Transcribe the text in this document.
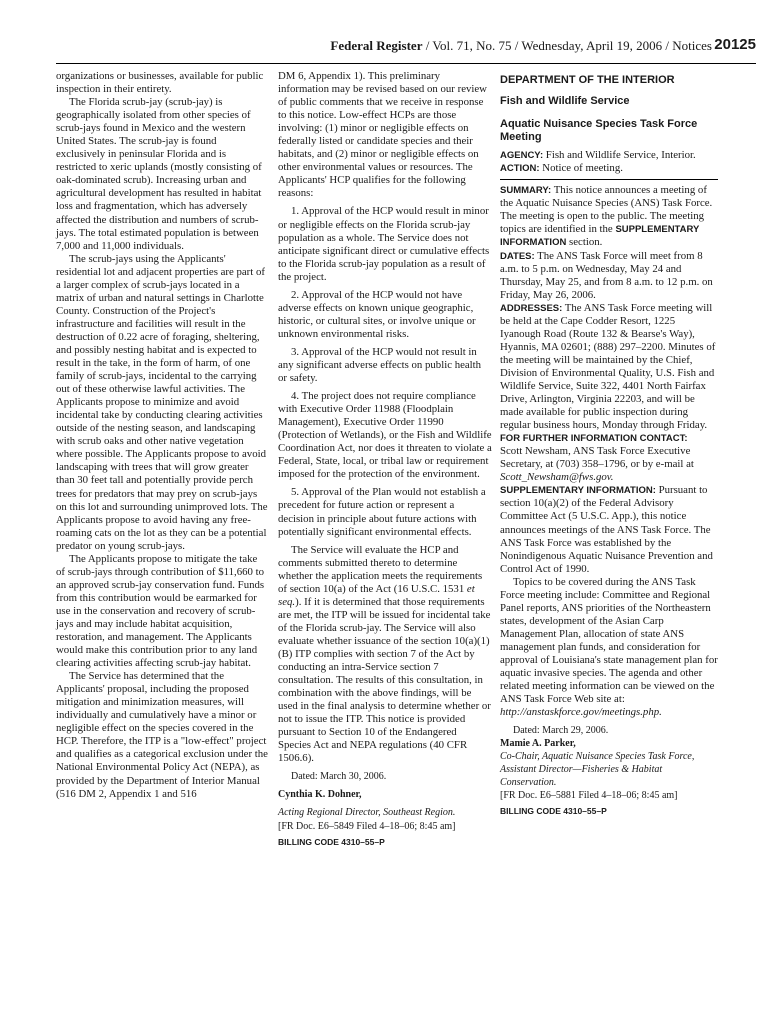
Federal Register / Vol. 71, No. 75 / Wednesday, April 19, 2006 / Notices 20125

organizations or businesses, available for public inspection in their entirety.

The Florida scrub-jay (scrub-jay) is geographically isolated from other species of scrub-jays found in Mexico and the western United States. The scrub-jay is found exclusively in peninsular Florida and is restricted to xeric uplands (mostly consisting of oak-dominated scrub). Increasing urban and agricultural development has resulted in habitat loss and fragmentation, which has adversely affected the distribution and numbers of scrub-jays. The total estimated population is between 7,000 and 11,000 individuals.

The scrub-jays using the Applicants' residential lot and adjacent properties are part of a larger complex of scrub-jays located in a matrix of urban and natural settings in Charlotte County. Construction of the Project's infrastructure and facilities will result in the destruction of 0.22 acre of foraging, sheltering, and possibly nesting habitat and is expected to result in the take, in the form of harm, of one family of scrub-jays, incidental to the carrying out of these otherwise lawful activities. The Applicants propose to minimize and avoid incidental take by conducting clearing activities outside of the nesting season, and landscaping with scrub oaks and other native vegetation where possible. The Applicants propose to avoid landscaping with trees that will grow greater than 30 feet tall and potentially provide perch trees for predators that may prey on scrub-jays on this lot and surrounding unimproved lots. The Applicants propose to avoid having any free-roaming cats on the lot as they can be a potential predator on young scrub-jays.

The Applicants propose to mitigate the take of scrub-jays through contribution of $11,660 to an approved scrub-jay conservation fund. Funds from this contribution would be earmarked for use in the conservation and recovery of scrub-jays and may include habitat acquisition, restoration, and management. The Applicants would make this contribution prior to any land clearing activities affecting scrub-jay habitat.

The Service has determined that the Applicants' proposal, including the proposed mitigation and minimization measures, will individually and cumulatively have a minor or negligible effect on the species covered in the HCP. Therefore, the ITP is a "low-effect" project and qualifies as a categorical exclusion under the National Environmental Policy Act (NEPA), as provided by the Department of Interior Manual (516 DM 2, Appendix 1 and 516

DM 6, Appendix 1). This preliminary information may be revised based on our review of public comments that we receive in response to this notice. Low-effect HCPs are those involving: (1) minor or negligible effects on federally listed or candidate species and their habitats, and (2) minor or negligible effects on other environmental values or resources. The Applicants' HCP qualifies for the following reasons:

1. Approval of the HCP would result in minor or negligible effects on the Florida scrub-jay population as a whole. The Service does not anticipate significant direct or cumulative effects to the Florida scrub-jay population as a result of the project.

2. Approval of the HCP would not have adverse effects on known unique geographic, historic, or cultural sites, or involve unique or unknown environmental risks.

3. Approval of the HCP would not result in any significant adverse effects on public health or safety.

4. The project does not require compliance with Executive Order 11988 (Floodplain Management), Executive Order 11990 (Protection of Wetlands), or the Fish and Wildlife Coordination Act, nor does it threaten to violate a Federal, State, local, or tribal law or requirement imposed for the protection of the environment.

5. Approval of the Plan would not establish a precedent for future action or represent a decision in principle about future actions with potentially significant environmental effects.

The Service will evaluate the HCP and comments submitted thereto to determine whether the application meets the requirements of section 10(a) of the Act (16 U.S.C. 1531 et seq.). If it is determined that those requirements are met, the ITP will be issued for incidental take of the Florida scrub-jay. The Service will also evaluate whether issuance of the section 10(a)(1)(B) ITP complies with section 7 of the Act by conducting an intra-Service section 7 consultation. The results of this consultation, in combination with the above findings, will be used in the final analysis to determine whether or not to issue the ITP. This notice is provided pursuant to Section 10 of the Endangered Species Act and NEPA regulations (40 CFR 1506.6).

Dated: March 30, 2006.

Cynthia K. Dohner,

Acting Regional Director, Southeast Region.

[FR Doc. E6–5849 Filed 4–18–06; 8:45 am]

BILLING CODE 4310–55–P

DEPARTMENT OF THE INTERIOR

Fish and Wildlife Service

Aquatic Nuisance Species Task Force Meeting

AGENCY: Fish and Wildlife Service, Interior.

ACTION: Notice of meeting.

SUMMARY: This notice announces a meeting of the Aquatic Nuisance Species (ANS) Task Force. The meeting is open to the public. The meeting topics are identified in the SUPPLEMENTARY INFORMATION section.

DATES: The ANS Task Force will meet from 8 a.m. to 5 p.m. on Wednesday, May 24 and Thursday, May 25, and from 8 a.m. to 12 p.m. on Friday, May 26, 2006.

ADDRESSES: The ANS Task Force meeting will be held at the Cape Codder Resort, 1225 Iyanough Road (Route 132 & Bearse's Way), Hyannis, MA 02601; (888) 297–2200. Minutes of the meeting will be maintained by the Chief, Division of Environmental Quality, U.S. Fish and Wildlife Service, Suite 322, 4401 North Fairfax Drive, Arlington, Virginia 22203, and will be made available for public inspection during regular business hours, Monday through Friday.

FOR FURTHER INFORMATION CONTACT:

Scott Newsham, ANS Task Force Executive Secretary, at (703) 358–1796, or by e-mail at Scott_Newsham@fws.gov.

SUPPLEMENTARY INFORMATION: Pursuant to section 10(a)(2) of the Federal Advisory Committee Act (5 U.S.C. App.), this notice announces meetings of the ANS Task Force. The ANS Task Force was established by the Nonindigenous Aquatic Nuisance Prevention and Control Act of 1990.

Topics to be covered during the ANS Task Force meeting include: Committee and Regional Panel reports, ANS priorities of the Northeastern states, development of the Asian Carp Management Plan, allocation of state ANS management plan funds, and consideration for approval of Louisiana's state management plan for aquatic invasive species. The agenda and other related meeting information can be viewed on the ANS Task Force Web site at: http://anstaskforce.gov/meetings.php.

Dated: March 29, 2006.

Mamie A. Parker,

Co-Chair, Aquatic Nuisance Species Task Force, Assistant Director—Fisheries & Habitat Conservation.

[FR Doc. E6–5881 Filed 4–18–06; 8:45 am]

BILLING CODE 4310–55–P
